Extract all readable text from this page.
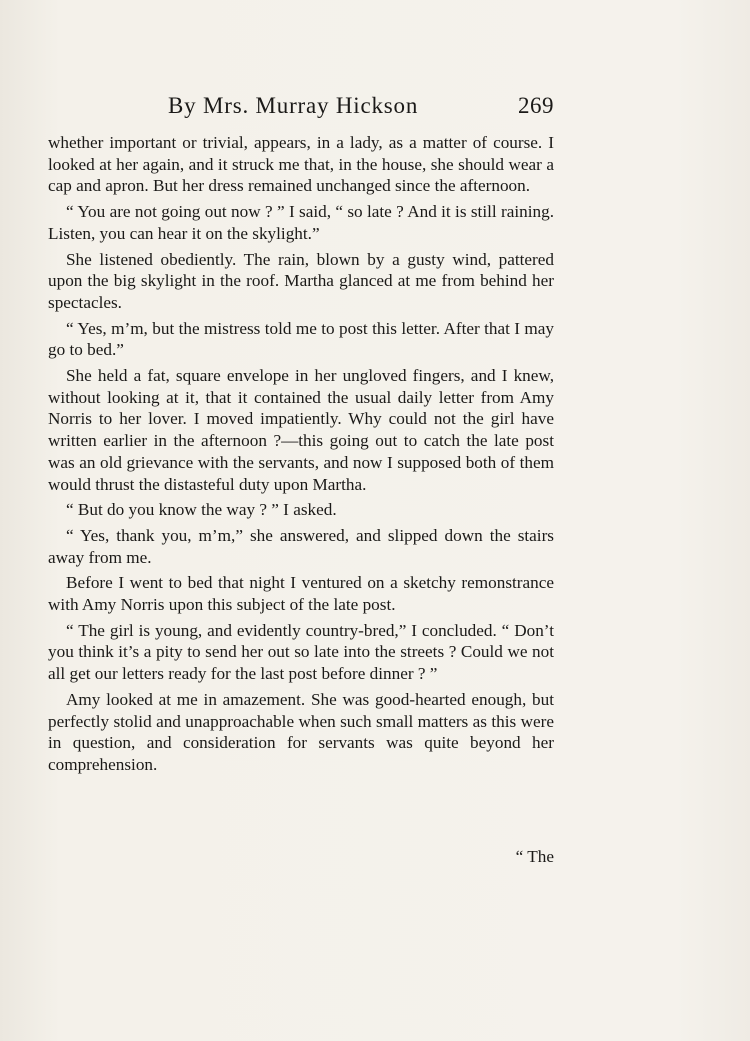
By Mrs. Murray Hickson	269

whether important or trivial, appears, in a lady, as a matter of course. I looked at her again, and it struck me that, in the house, she should wear a cap and apron. But her dress remained unchanged since the afternoon.

“ You are not going out now ? ” I said, “ so late ? And it is still raining. Listen, you can hear it on the skylight.”

She listened obediently. The rain, blown by a gusty wind, pattered upon the big skylight in the roof. Martha glanced at me from behind her spectacles.

“ Yes, m’m, but the mistress told me to post this letter. After that I may go to bed.”

She held a fat, square envelope in her ungloved fingers, and I knew, without looking at it, that it contained the usual daily letter from Amy Norris to her lover. I moved impatiently. Why could not the girl have written earlier in the afternoon ?—this going out to catch the late post was an old grievance with the servants, and now I supposed both of them would thrust the distasteful duty upon Martha.

“ But do you know the way ? ” I asked.

“ Yes, thank you, m’m,” she answered, and slipped down the stairs away from me.

Before I went to bed that night I ventured on a sketchy remonstrance with Amy Norris upon this subject of the late post.

“ The girl is young, and evidently country-bred,” I concluded. “ Don’t you think it’s a pity to send her out so late into the streets ? Could we not all get our letters ready for the last post before dinner ? ”

Amy looked at me in amazement. She was good-hearted enough, but perfectly stolid and unapproachable when such small matters as this were in question, and consideration for servants was quite beyond her comprehension.

“ The
